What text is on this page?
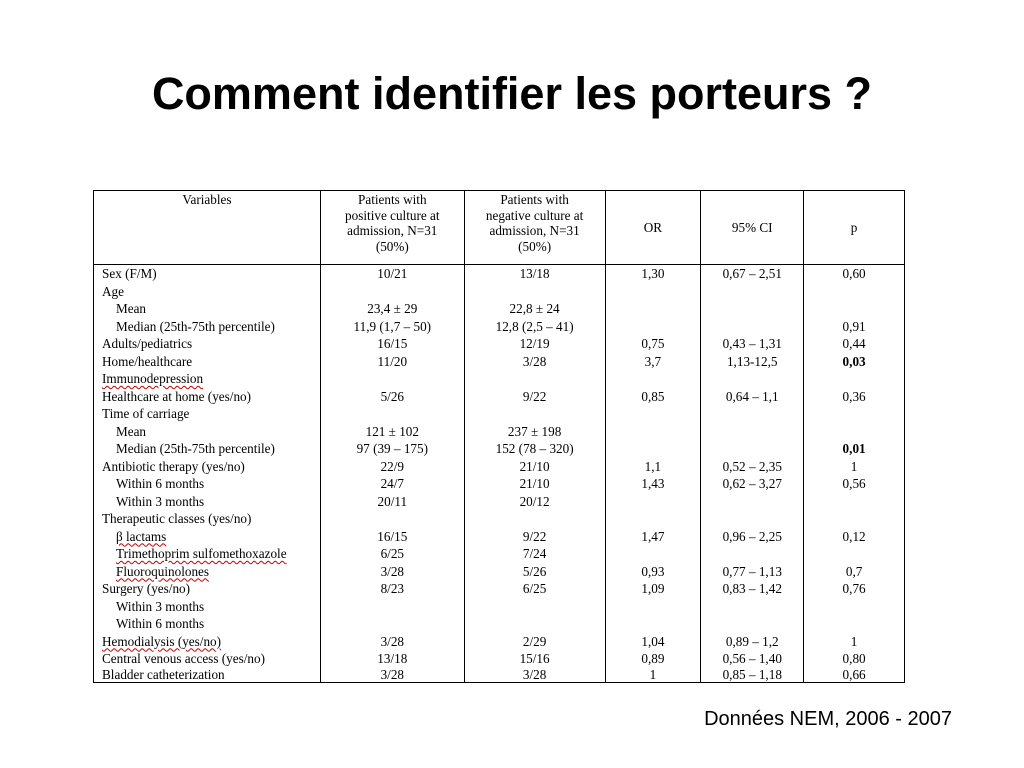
Comment identifier les porteurs ?
Variables	Patients with
positive culture at
admission, N=31
(50%)	Patients with
negative culture at
admission, N=31
(50%)	OR	95% CI	p
Sex (F/M)	10/21	13/18	1,30	0,67 – 2,51	0,60
Age					
Mean	23,4 ± 29	22,8 ± 24			
Median (25th-75th percentile)	11,9 (1,7 – 50)	12,8 (2,5 – 41)			0,91
Adults/pediatrics	16/15	12/19	0,75	0,43 – 1,31	0,44
Home/healthcare	11/20	3/28	3,7	1,13-12,5	0,03
Immunodepression					
Healthcare at home (yes/no)	5/26	9/22	0,85	0,64 – 1,1	0,36
Time of carriage					
Mean	121 ± 102	237 ± 198			
Median (25th-75th percentile)	97 (39 – 175)	152 (78 – 320)			0,01
Antibiotic therapy (yes/no)	22/9	21/10	1,1	0,52 – 2,35	1
Within 6 months	24/7	21/10	1,43	0,62 – 3,27	0,56
Within 3 months	20/11	20/12			
Therapeutic classes (yes/no)					
β lactams	16/15	9/22	1,47	0,96 – 2,25	0,12
Trimethoprim sulfomethoxazole	6/25	7/24			
Fluoroquinolones	3/28	5/26	0,93	0,77 – 1,13	0,7
Surgery (yes/no)	8/23	6/25	1,09	0,83 – 1,42	0,76
Within 3 months					
Within 6 months					
Hemodialysis (yes/no)	3/28	2/29	1,04	0,89 – 1,2	1
Central venous access (yes/no)	13/18	15/16	0,89	0,56 – 1,40	0,80
Bladder catheterization	3/28	3/28	1	0,85 – 1,18	0,66
Données NEM, 2006 - 2007
